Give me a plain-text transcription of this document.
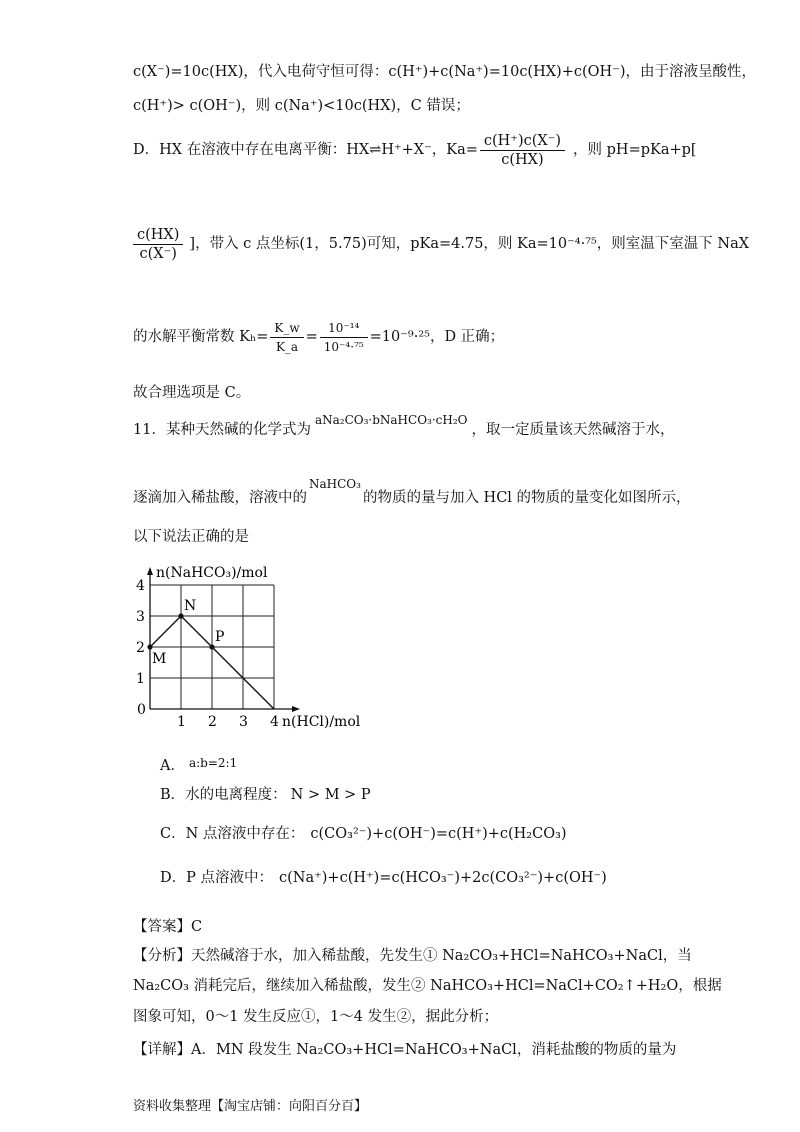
c(X⁻)=10c(HX)，代入电荷守恒可得：c(H⁺)+c(Na⁺)=10c(HX)+c(OH⁻)，由于溶液呈酸性，
c(H⁺)> c(OH⁻)，则 c(Na⁺)<10c(HX)，C 错误；
D．HX 在溶液中存在电离平衡：HX⇌H⁺+X⁻，$Ka= \frac{c(H^+)c(X^-)}{c(HX)}$ ，则 pH=pKa+p[
$\frac{c(HX)}{c(X^-)}$ ]，带入 c 点坐标(1，5.75)可知，pKa=4.75，则 Ka=10⁻⁴·⁷⁵，则室温下室温下 NaX
的水解平衡常数 $K_h= \frac{K\_w}{K\_a} = \frac{\text{10⁻¹⁴}}{\text{10⁻⁴·⁷⁵}} =10^{-9}\cdot^{25}$，D 正确；
故合理选项是 C。
11．某种天然碱的化学式为
aNa₂CO₃·bNaHCO₃·cH₂O
，取一定质量该天然碱溶于水，
逐滴加入稀盐酸，溶液中的
NaHCO₃
的物质的量与加入 HCl 的物质的量变化如图所示，
以下说法正确的是
0
1 2 3 4
1
2
3
4
n(NaHCO₃)/mol
n(HCl)/mol
M
N
P
A． a:b=2:1
B．水的电离程度： N > M > P
C．N 点溶液中存在： c(CO₃²⁻)+c(OH⁻)=c(H⁺)+c(H₂CO₃)
D．P 点溶液中： c(Na⁺)+c(H⁺)=c(HCO₃⁻)+2c(CO₃²⁻)+c(OH⁻)
【答案】C
【分析】天然碱溶于水，加入稀盐酸，先发生① Na₂CO₃+HCl=NaHCO₃+NaCl，当
Na₂CO₃ 消耗完后，继续加入稀盐酸，发生② NaHCO₃+HCl=NaCl+CO₂↑+H₂O，根据
图象可知，0～1 发生反应①，1～4 发生②，据此分析；
【详解】A．MN 段发生 Na₂CO₃+HCl=NaHCO₃+NaCl，消耗盐酸的物质的量为
资料收集整理【淘宝店铺：向阳百分百】
